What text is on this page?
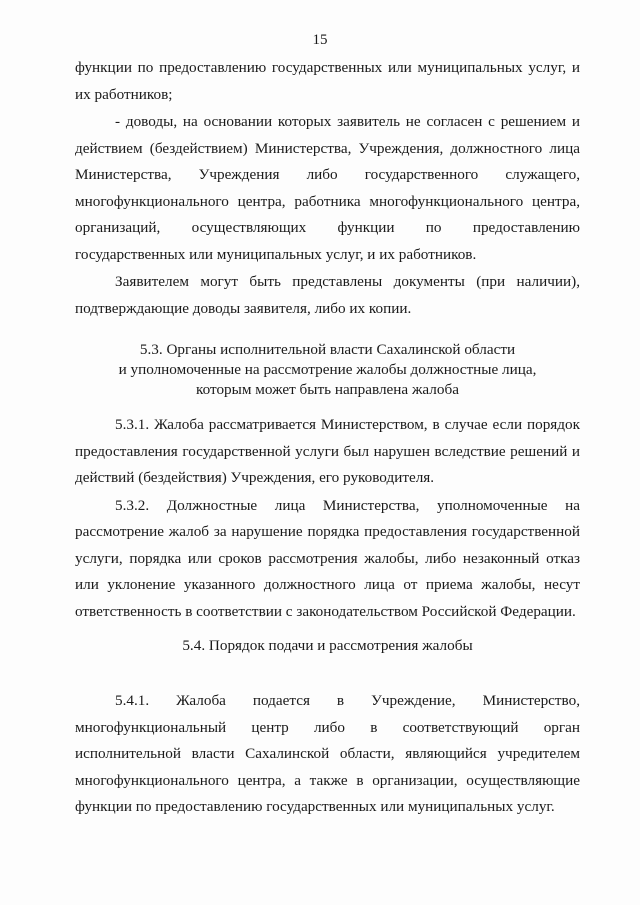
15

функции по предоставлению государственных или муниципальных услуг, и их работников;

- доводы, на основании которых заявитель не согласен с решением и действием (бездействием) Министерства, Учреждения, должностного лица Министерства, Учреждения либо государственного служащего, многофункционального центра, работника многофункционального центра, организаций, осуществляющих функции по предоставлению государственных или муниципальных услуг, и их работников.

Заявителем могут быть представлены документы (при наличии), подтверждающие доводы заявителя, либо их копии.

5.3. Органы исполнительной власти Сахалинской области
и уполномоченные на рассмотрение жалобы должностные лица,
которым может быть направлена жалоба

5.3.1. Жалоба рассматривается Министерством, в случае если порядок предоставления государственной услуги был нарушен вследствие решений и действий (бездействия) Учреждения, его руководителя.

5.3.2. Должностные лица Министерства, уполномоченные на рассмотрение жалоб за нарушение порядка предоставления государственной услуги, порядка или сроков рассмотрения жалобы, либо незаконный отказ или уклонение указанного должностного лица от приема жалобы, несут ответственность в соответствии с законодательством Российской Федерации.

5.4. Порядок подачи и рассмотрения жалобы

5.4.1. Жалоба подается в Учреждение, Министерство, многофункциональный центр либо в соответствующий орган исполнительной власти Сахалинской области, являющийся учредителем многофункционального центра, а также в организации, осуществляющие функции по предоставлению государственных или муниципальных услуг.
